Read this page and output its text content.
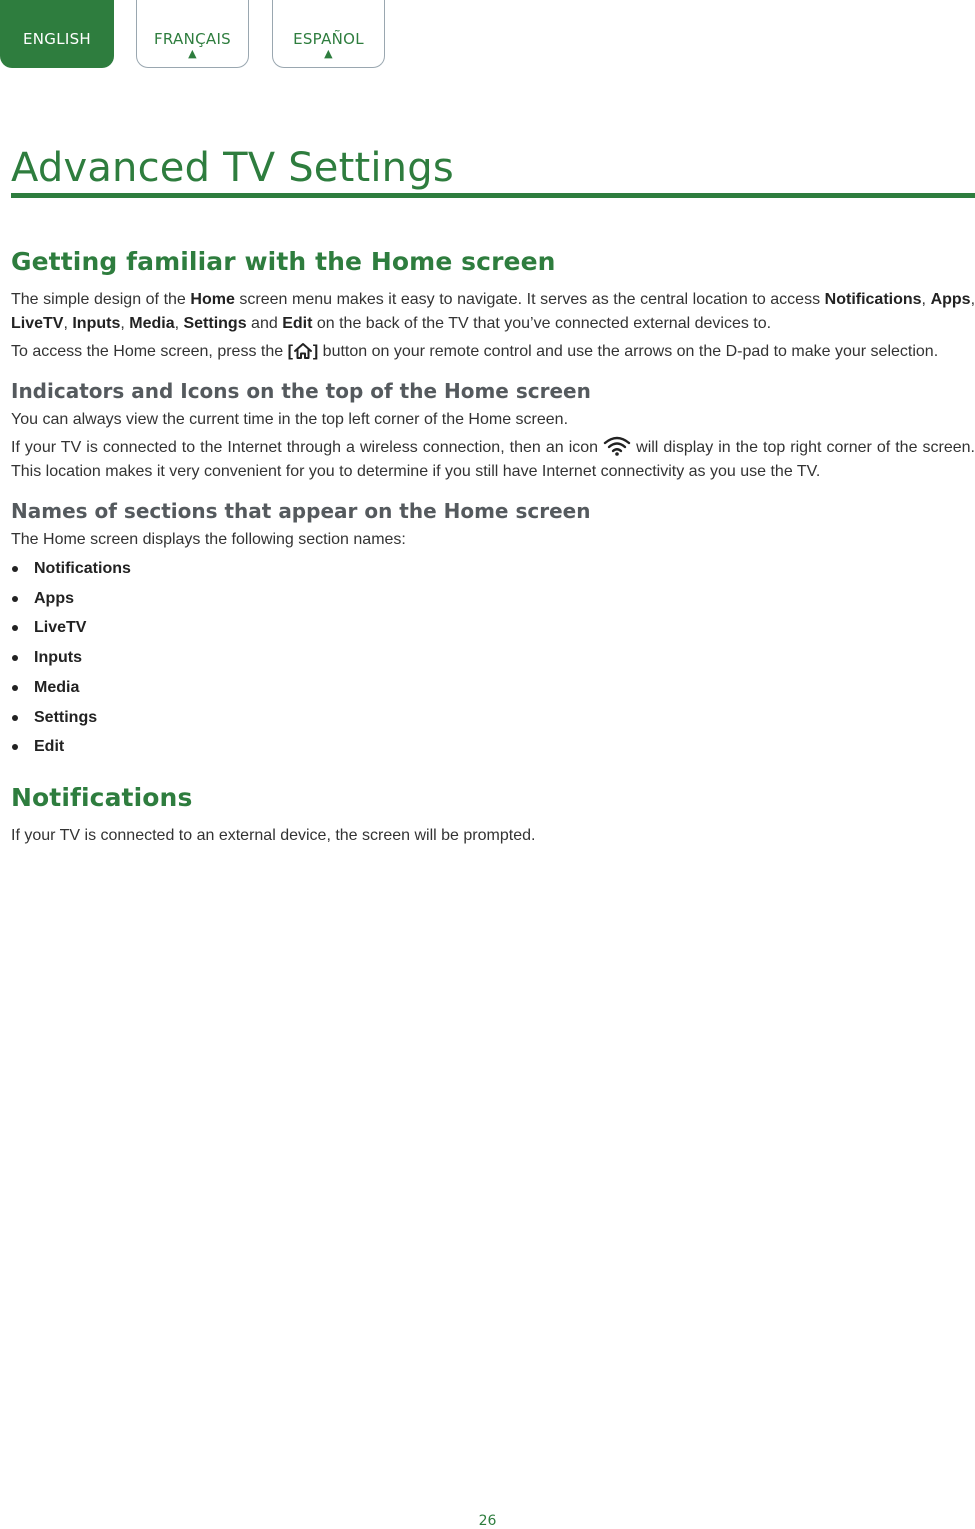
ENGLISH	FRANÇAIS
▲
ESPAÑOL
▲
Advanced TV Settings
Getting familiar with the Home screen

The simple design of the Home screen menu makes it easy to navigate. It serves as the central location to access Notifications, Apps, LiveTV, Inputs, Media, Settings and Edit on the back of the TV that you’ve connected external devices to.

To access the Home screen, press the [ ] button on your remote control and use the arrows on the D-pad to make your selection.

Indicators and Icons on the top of the Home screen

You can always view the current time in the top left corner of the Home screen.

If your TV is connected to the Internet through a wireless connection, then an icon  will display in the top right corner of the screen. This location makes it very convenient for you to determine if you still have Internet connectivity as you use the TV.

Names of sections that appear on the Home screen

The Home screen displays the following section names:

Notifications
Apps
LiveTV
Inputs
Media
Settings
Edit
Notifications

If your TV is connected to an external device, the screen will be prompted.

26
